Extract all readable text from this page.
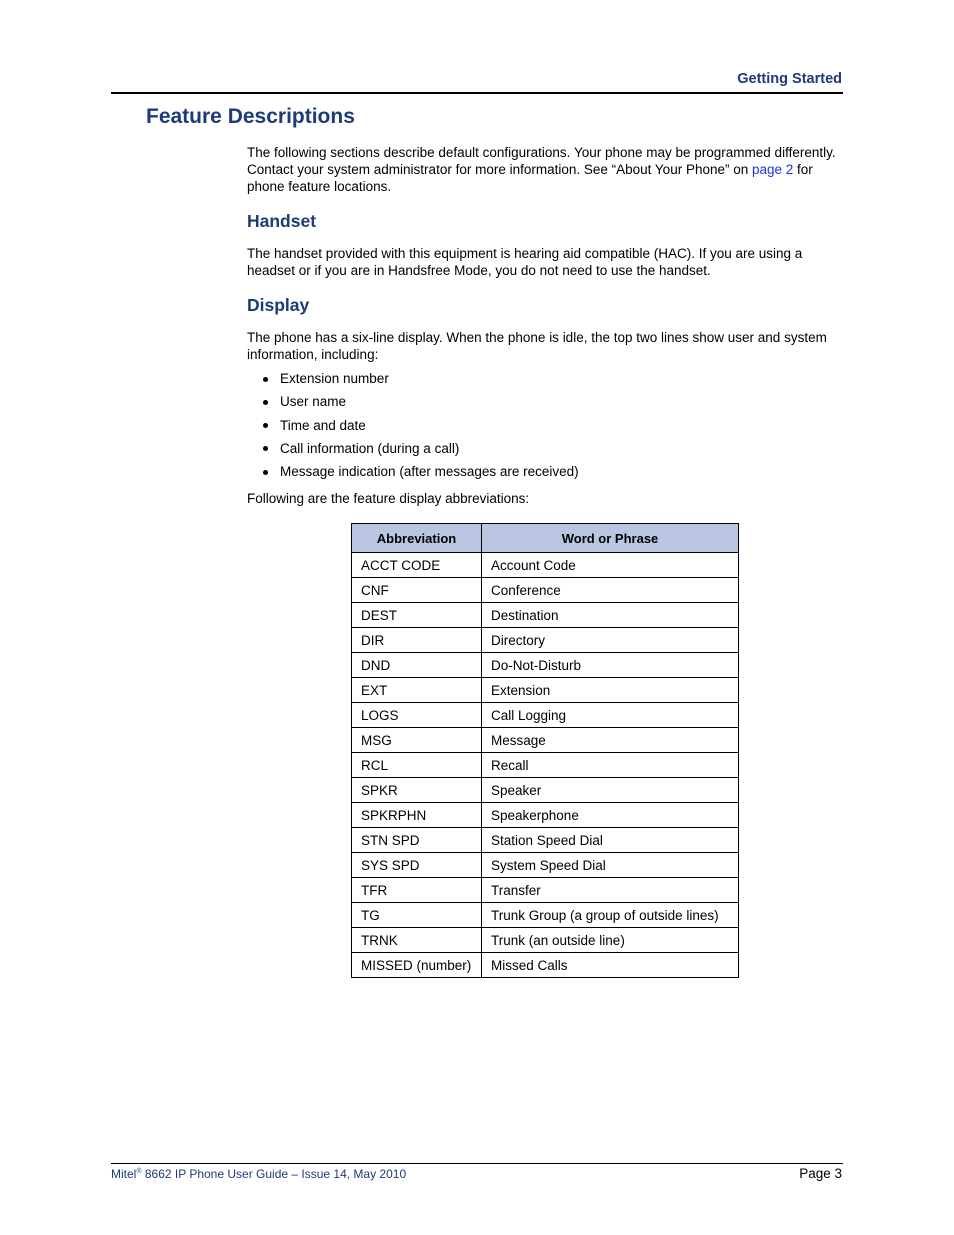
Getting Started
Feature Descriptions

The following sections describe default configurations. Your phone may be programmed differently. Contact your system administrator for more information. See “About Your Phone” on page 2 for phone feature locations.

Handset

The handset provided with this equipment is hearing aid compatible (HAC). If you are using a headset or if you are in Handsfree Mode, you do not need to use the handset.

Display

The phone has a six-line display. When the phone is idle, the top two lines show user and system information, including:

Extension number
User name
Time and date
Call information (during a call)
Message indication (after messages are received)

Following are the feature display abbreviations:

Abbreviation	Word or Phrase
ACCT CODE	Account Code
CNF	Conference
DEST	Destination
DIR	Directory
DND	Do-Not-Disturb
EXT	Extension
LOGS	Call Logging
MSG	Message
RCL	Recall
SPKR	Speaker
SPKRPHN	Speakerphone
STN SPD	Station Speed Dial
SYS SPD	System Speed Dial
TFR	Transfer
TG	Trunk Group (a group of outside lines)
TRNK	Trunk (an outside line)
MISSED (number)	Missed Calls
Mitel® 8662 IP Phone User Guide – Issue 14, May 2010	Page 3
